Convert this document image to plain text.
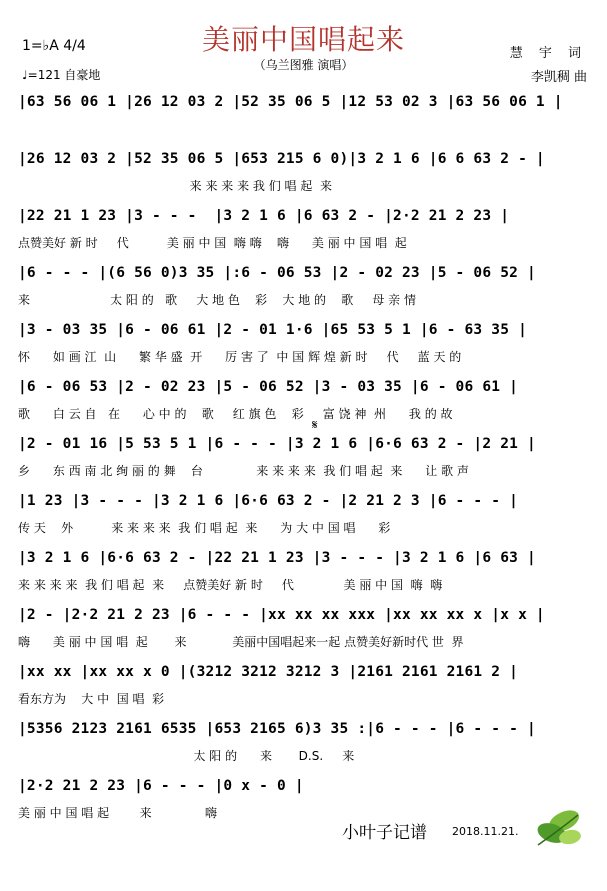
美丽中国唱起来
（乌兰图雅 演唱）
1=♭A 4/4
♩=121 自豪地
慧 宇 词
李凯稠 曲
|63 56 06 1 |26 12 03 2 |52 35 06 5 |12 53 02 3 |63 56 06 1 |
|26 12 03 2 |52 35 06 5 |653 215 6 0)|3 2 1 6 |6 6 63 2 - |
来 来 来 来 我 们 唱 起  来
|22 21 1 23 |3 - - -  |3 2 1 6 |6 63 2 - |2·2 21 2 23 |
点赞美好 新 时     代          美 丽 中 国  嗨 嗨    嗨      美 丽 中 国 唱  起
|6 - - - |(6 56 0)3 35 |:6 - 06 53 |2 - 02 23 |5 - 06 52 |
来                     太 阳 的   歌     大 地 色    彩    大 地 的    歌     母 亲 情
|3 - 03 35 |6 - 06 61 |2 - 01 1·6 |65 53 5 1 |6 - 63 35 |
怀      如 画 江  山      繁 华 盛  开      厉 害 了  中 国 辉 煌 新 时     代     蓝 天 的
|6 - 06 53 |2 - 02 23 |5 - 06 52 |3 - 03 35 |6 - 06 61 |
歌      白 云 自   在      心 中 的    歌     红 旗 色    彩     富 饶 神  州      我 的 故
|2 - 01 16 |5 53 5 1 |6 - - - |3 2 1 6 |6·6 63 2 - |2 21 |
乡      东 西 南 北 绚 丽 的 舞    台              来 来 来 来  我 们 唱 起  来      让 歌 声
|1 23 |3 - - - |3 2 1 6 |6·6 63 2 - |2 21 2 3 |6 - - - |
传 天    外          来 来 来 来  我 们 唱 起  来      为 大 中 国 唱      彩
|3 2 1 6 |6·6 63 2 - |22 21 1 23 |3 - - - |3 2 1 6 |6 63 |
来 来 来 来  我 们 唱 起  来     点赞美好 新 时     代             美 丽 中 国  嗨  嗨
|2 - |2·2 21 2 23 |6 - - - |xx xx xx xxx |xx xx xx x |x x |
嗨      美 丽 中 国 唱  起       来            美丽中国唱起来一起 点赞美好新时代 世  界
|xx xx |xx xx x 0 |(3212 3212 3212 3 |2161 2161 2161 2 |
看东方为    大 中  国 唱  彩
|5356 2123 2161 6535 |653 2165 6)3 35 :|6 - - - |6 - - - |
太 阳 的      来       D.S.     来
|2·2 21 2 23 |6 - - - |0 x - 0 |
美 丽 中 国 唱 起        来              嗨
𝄋
小叶子记谱 2018.11.21.
